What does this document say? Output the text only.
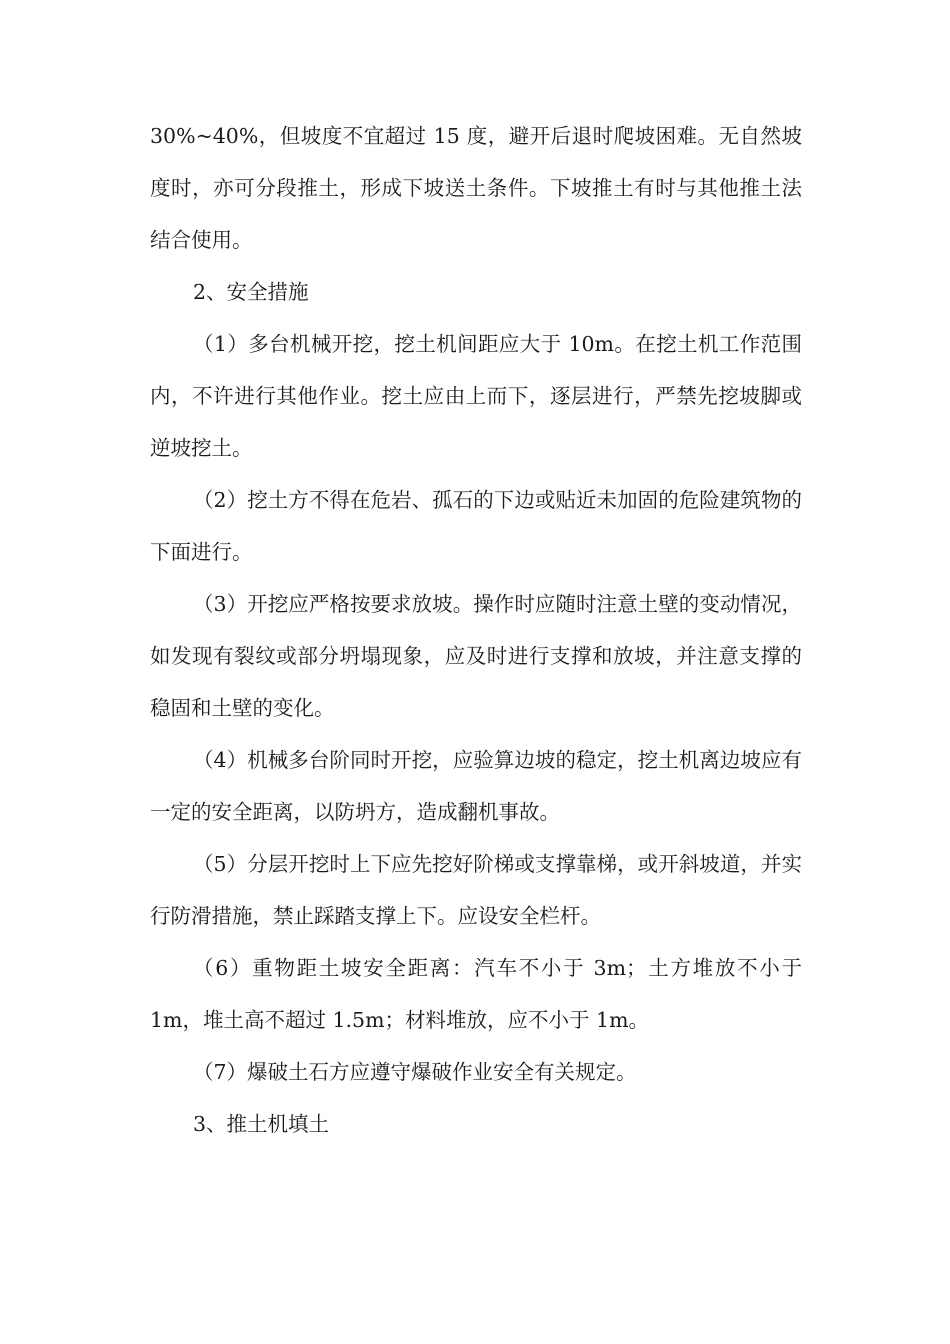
30%~40%，但坡度不宜超过 15 度，避开后退时爬坡困难。无自然坡度时，亦可分段推土，形成下坡送土条件。下坡推土有时与其他推土法结合使用。

2、安全措施

（1）多台机械开挖，挖土机间距应大于 10m。在挖土机工作范围内，不许进行其他作业。挖土应由上而下，逐层进行，严禁先挖坡脚或逆坡挖土。

（2）挖土方不得在危岩、孤石的下边或贴近未加固的危险建筑物的下面进行。

（3）开挖应严格按要求放坡。操作时应随时注意土壁的变动情况，如发现有裂纹或部分坍塌现象，应及时进行支撑和放坡，并注意支撑的稳固和土壁的变化。

（4）机械多台阶同时开挖，应验算边坡的稳定，挖土机离边坡应有一定的安全距离，以防坍方，造成翻机事故。

（5）分层开挖时上下应先挖好阶梯或支撑靠梯，或开斜坡道，并实行防滑措施，禁止踩踏支撑上下。应设安全栏杆。

（6）重物距土坡安全距离：汽车不小于 3m；土方堆放不小于1m，堆土高不超过 1.5m；材料堆放，应不小于 1m。

（7）爆破土石方应遵守爆破作业安全有关规定。

3、推土机填土
